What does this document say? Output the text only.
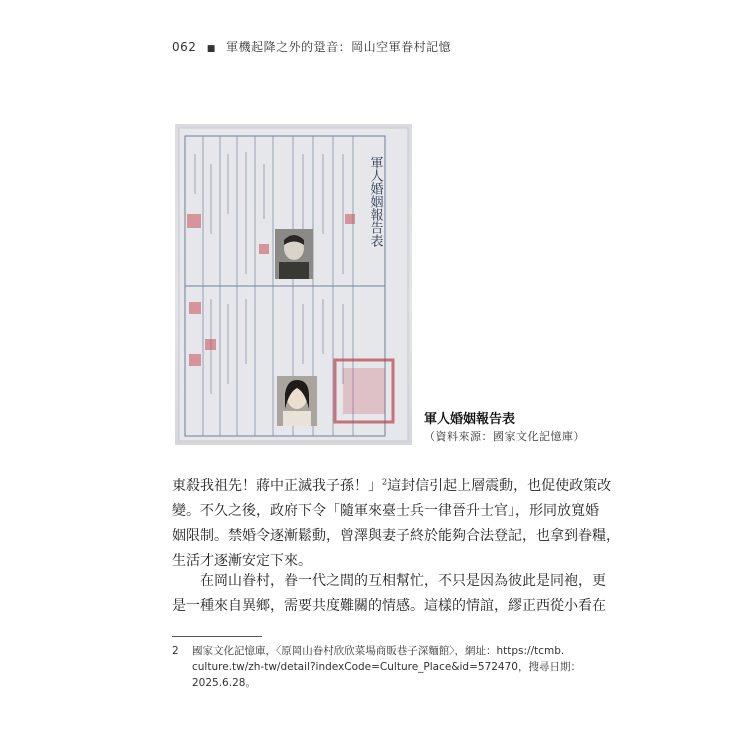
062 ■ 軍機起降之外的跫音：岡山空軍眷村記憶
軍人婚姻報告表
軍人婚姻報告表
（資料來源：國家文化記憶庫）

東殺我祖先！蔣中正滅我子孫！」$^2$這封信引起上層震動，也促使政策改

變。不久之後，政府下令「隨軍來臺士兵一律晉升士官」，形同放寬婚

姻限制。禁婚令逐漸鬆動，曾澤與妻子終於能夠合法登記，也拿到眷糧，

生活才逐漸安定下來。

　　在岡山眷村，眷一代之間的互相幫忙，不只是因為彼此是同袍，更

是一種來自異鄉，需要共度難關的情感。這樣的情誼，繆正西從小看在

2 國家文化記憶庫，〈原岡山眷村欣欣菜場商販巷子深麵館〉，網址：https://tcmb.
culture.tw/zh-tw/detail?indexCode=Culture_Place&id=572470，搜尋日期：
2025.6.28。
